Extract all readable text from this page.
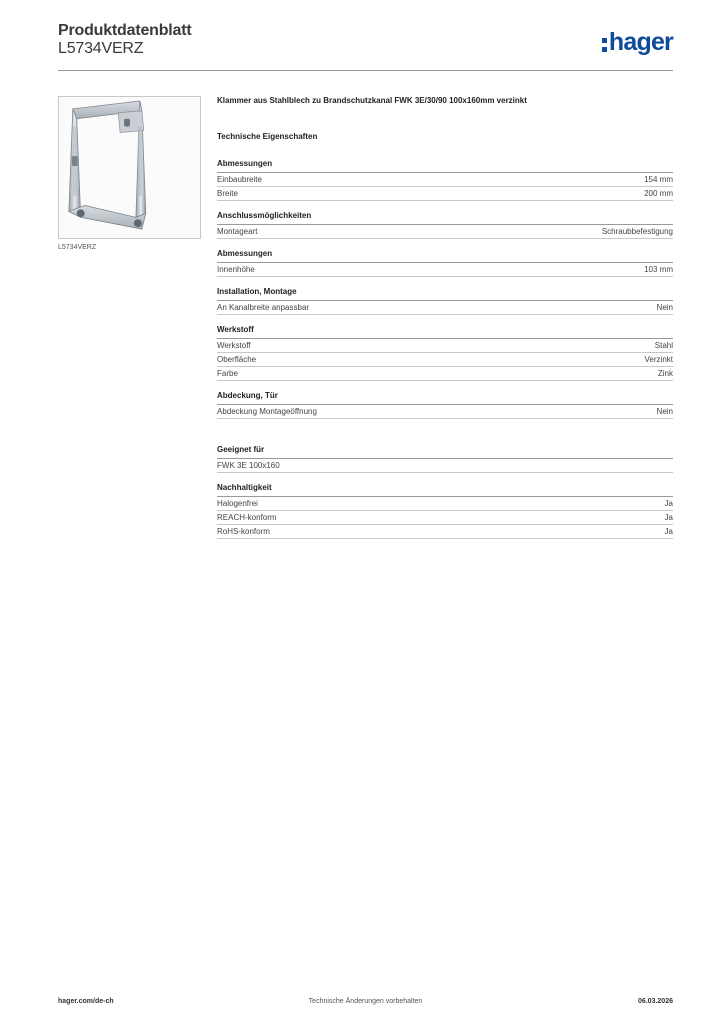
Produktdatenblatt
L5734VERZ	hager
L5734VERZ
Klammer aus Stahlblech zu Brandschutzkanal FWK 3E/30/90 100x160mm verzinkt
Technische Eigenschaften
Abmessungen
Einbaubreite	154 mm
Breite	200 mm
Anschlussmöglichkeiten
Montageart	Schraubbefestigung
Abmessungen
Innenhöhe	103 mm
Installation, Montage
An Kanalbreite anpassbar	Nein
Werkstoff
Werkstoff	Stahl
Oberfläche	Verzinkt
Farbe	Zink
Abdeckung, Tür
Abdeckung Montageöffnung	Nein
Geeignet für
FWK 3E 100x160
Nachhaltigkeit
Halogenfrei	Ja
REACH-konform	Ja
RoHS-konform	Ja
hager.com/de-ch	Technische Änderungen vorbehalten	06.03.2026
